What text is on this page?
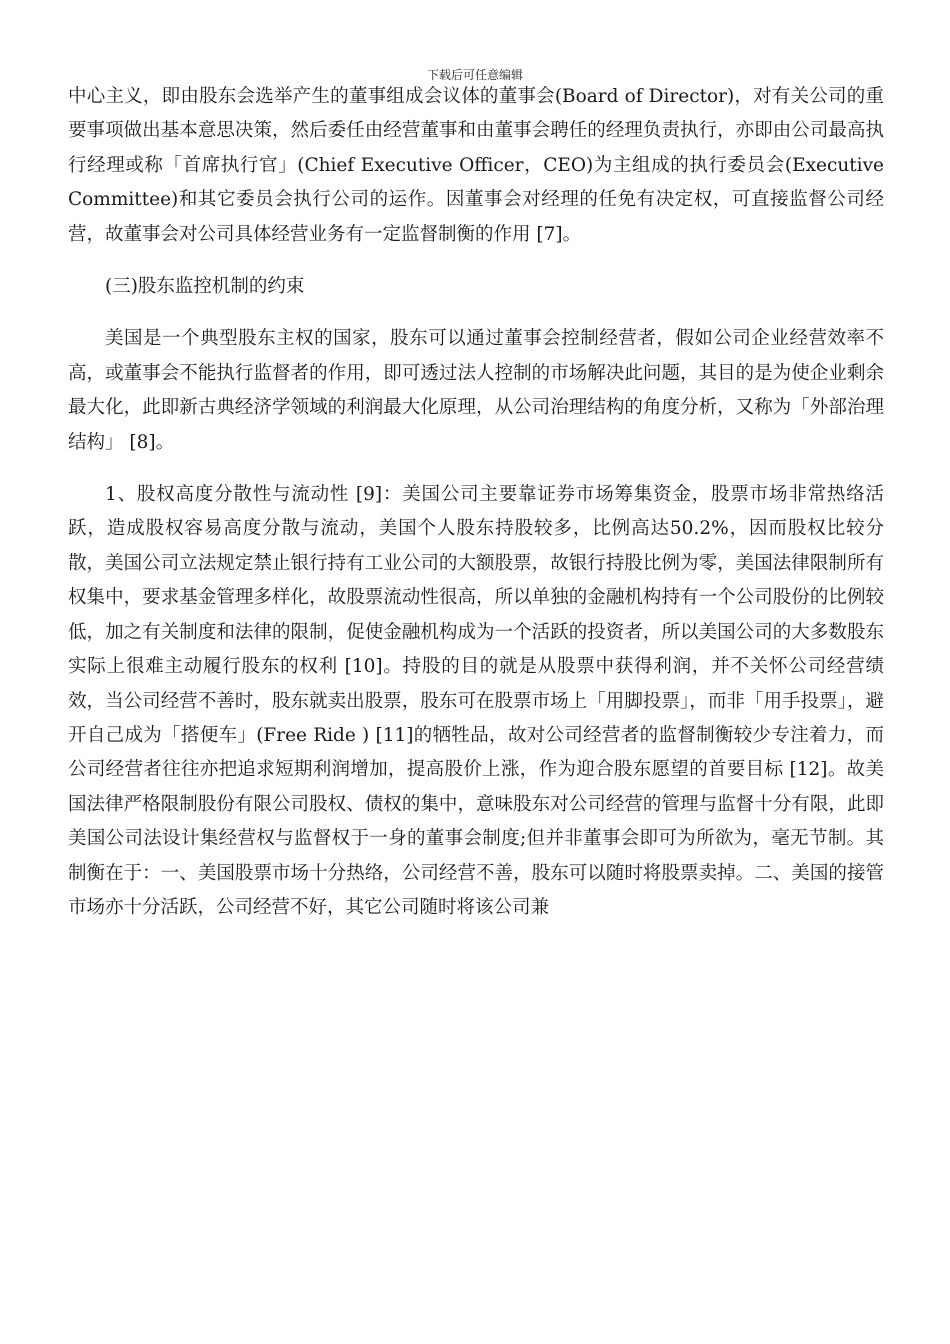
下载后可任意编辑

中心主义，即由股东会选举产生的董事组成会议体的董事会(Board of Director)，对有关公司的重要事项做出基本意思决策，然后委任由经营董事和由董事会聘任的经理负责执行，亦即由公司最高执行经理或称「首席执行官」(Chief Executive Officer，CEO)为主组成的执行委员会(Executive Committee)和其它委员会执行公司的运作。因董事会对经理的任免有决定权，可直接监督公司经营，故董事会对公司具体经营业务有一定监督制衡的作用 [7]。

(三)股东监控机制的约束

美国是一个典型股东主权的国家，股东可以通过董事会控制经营者，假如公司企业经营效率不高，或董事会不能执行监督者的作用，即可透过法人控制的市场解决此问题，其目的是为使企业剩余最大化，此即新古典经济学领域的利润最大化原理，从公司治理结构的角度分析，又称为「外部治理结构」 [8]。

1、股权高度分散性与流动性 [9]：美国公司主要靠证券市场筹集资金，股票市场非常热络活跃，造成股权容易高度分散与流动，美国个人股东持股较多，比例高达50.2%，因而股权比较分散，美国公司立法规定禁止银行持有工业公司的大额股票，故银行持股比例为零，美国法律限制所有权集中，要求基金管理多样化，故股票流动性很高，所以单独的金融机构持有一个公司股份的比例较低，加之有关制度和法律的限制，促使金融机构成为一个活跃的投资者，所以美国公司的大多数股东实际上很难主动履行股东的权利 [10]。持股的目的就是从股票中获得利润，并不关怀公司经营绩效，当公司经营不善时，股东就卖出股票，股东可在股票市场上「用脚投票」，而非「用手投票」，避开自己成为「搭便车」(Free Ride ) [11]的牺牲品，故对公司经营者的监督制衡较少专注着力，而公司经营者往往亦把追求短期利润增加，提高股价上涨，作为迎合股东愿望的首要目标 [12]。故美国法律严格限制股份有限公司股权、债权的集中，意味股东对公司经营的管理与监督十分有限，此即美国公司法设计集经营权与监督权于一身的董事会制度;但并非董事会即可为所欲为，毫无节制。其制衡在于：一、美国股票市场十分热络，公司经营不善，股东可以随时将股票卖掉。二、美国的接管市场亦十分活跃，公司经营不好，其它公司随时将该公司兼
